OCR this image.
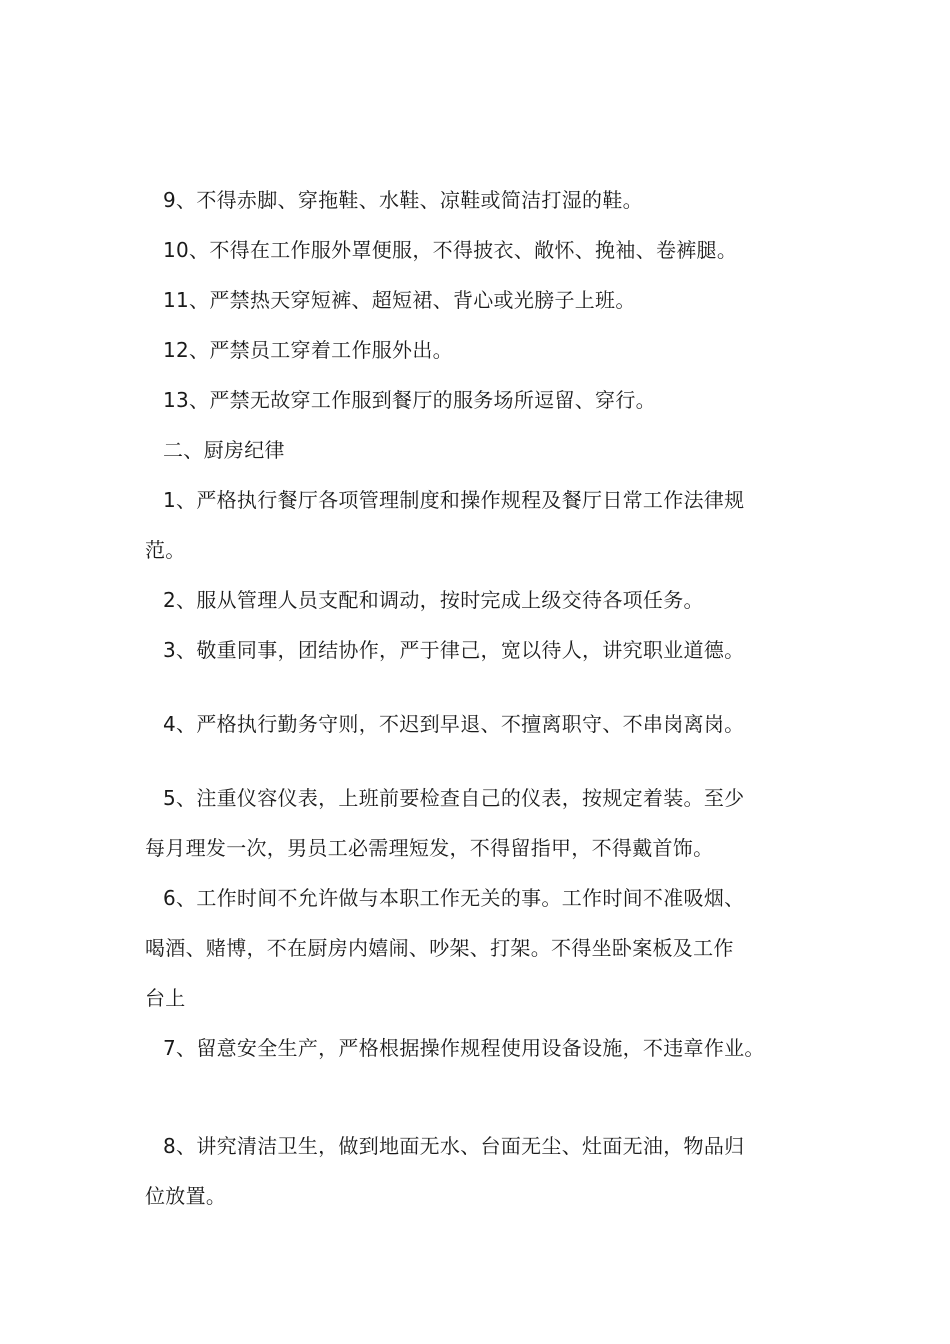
9、不得赤脚、穿拖鞋、水鞋、凉鞋或简洁打湿的鞋。

10、不得在工作服外罩便服，不得披衣、敞怀、挽袖、卷裤腿。

11、严禁热天穿短裤、超短裙、背心或光膀子上班。

12、严禁员工穿着工作服外出。

13、严禁无故穿工作服到餐厅的服务场所逗留、穿行。

二、厨房纪律

1、严格执行餐厅各项管理制度和操作规程及餐厅日常工作法律规

范。

2、服从管理人员支配和调动，按时完成上级交待各项任务。

3、敬重同事，团结协作，严于律己，宽以待人，讲究职业道德。

4、严格执行勤务守则，不迟到早退、不擅离职守、不串岗离岗。

5、注重仪容仪表，上班前要检查自己的仪表，按规定着装。至少

每月理发一次，男员工必需理短发，不得留指甲，不得戴首饰。

6、工作时间不允许做与本职工作无关的事。工作时间不准吸烟、

喝酒、赌博，不在厨房内嬉闹、吵架、打架。不得坐卧案板及工作

台上

7、留意安全生产，严格根据操作规程使用设备设施，不违章作业。

8、讲究清洁卫生，做到地面无水、台面无尘、灶面无油，物品归

位放置。
